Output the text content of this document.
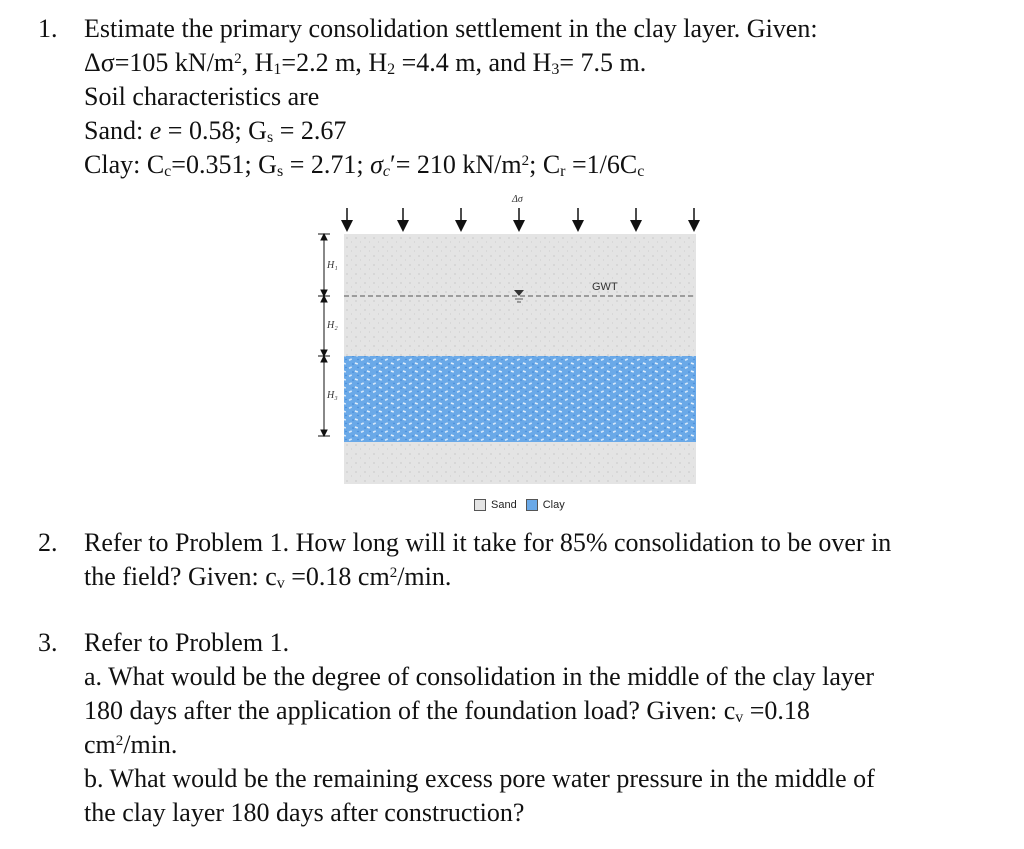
1. Estimate the primary consolidation settlement in the clay layer. Given:
Δσ=105 $kN/m^2$, $H_1=2.2$ m, $H_2 =4.4$ m, and $H_3= 7.5$ m.
Soil characteristics are
Sand: e = 0.58; $G_s = 2.67$
Clay: $C_c=0.351$; $G_s = 2.71$; $\sigma_c'= 210$ $kN/m^2$; $C_r =1/6C_c$
Δσ
H₁
H₂
H₃
GWT
Sand Clay
2. Refer to Problem 1. How long will it take for 85% consolidation to be over in
the field? Given: $c_v =0.18$ $cm^2/\min$.
3. Refer to Problem 1.
a. What would be the degree of consolidation in the middle of the clay layer
180 days after the application of the foundation load? Given: $c_v =0.18$
$cm^2/\min$.
b. What would be the remaining excess pore water pressure in the middle of
the clay layer 180 days after construction?
